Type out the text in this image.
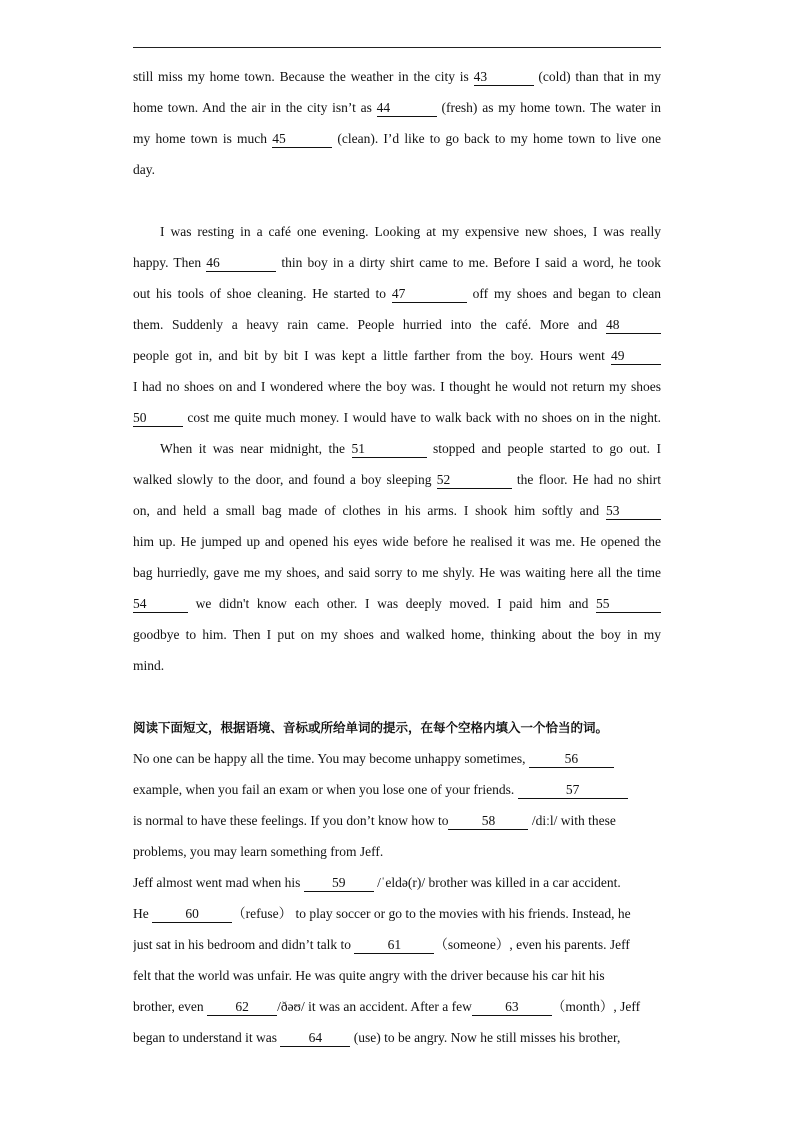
still miss my home town. Because the weather in the city is 43	(cold) than that in my
home town. And the air in the city isn’t as 44	(fresh) as my home town. The water in
my home town is much 45	(clean). I’d like to go back to my home town to live one
day.
I was resting in a café one evening. Looking at my expensive new shoes, I was really
happy. Then 46	thin boy in a dirty shirt came to me. Before I said a word, he took
out his tools of shoe cleaning. He started to 47	off my shoes and began to clean
them. Suddenly a heavy rain came. People hurried into the café. More and 48
people got in, and bit by bit I was kept a little farther from the boy. Hours went 49
I had no shoes on and I wondered where the boy was. I thought he would not return my shoes
50	cost me quite much money. I would have to walk back with no shoes on in the night.
When it was near midnight, the 51	stopped and people started to go out. I
walked slowly to the door, and found a boy sleeping 52	the floor. He had no shirt
on, and held a small bag made of clothes in his arms. I shook him softly and 53
him up. He jumped up and opened his eyes wide before he realised it was me. He opened the
bag hurriedly, gave me my shoes, and said sorry to me shyly. He was waiting here all the time
54	we didn't know each other. I was deeply moved. I paid him and 55
goodbye to him. Then I put on my shoes and walked home, thinking about the boy in my
mind.
阅读下面短文，根据语境、音标或所给单词的提示，在每个空格内填入一个恰当的词。
No one can be happy all the time. You may become unhappy sometimes,	56
example, when you fail an exam or when you lose one of your friends.	57
is normal to have these feelings. If you don’t know how to 58 /diːl/ with these
problems, you may learn something from Jeff.
Jeff almost went mad when his 59 /ˈeldə(r)/ brother was killed in a car accident.
He 60 （refuse） to play soccer or go to the movies with his friends. Instead, he
just sat in his bedroom and didn’t talk to 61 （someone）, even his parents. Jeff
felt that the world was unfair. He was quite angry with the driver because his car hit his
brother, even 62 /ðəʊ/ it was an accident. After a few 63 （month）, Jeff
began to understand it was 64 (use) to be angry. Now he still misses his brother,
